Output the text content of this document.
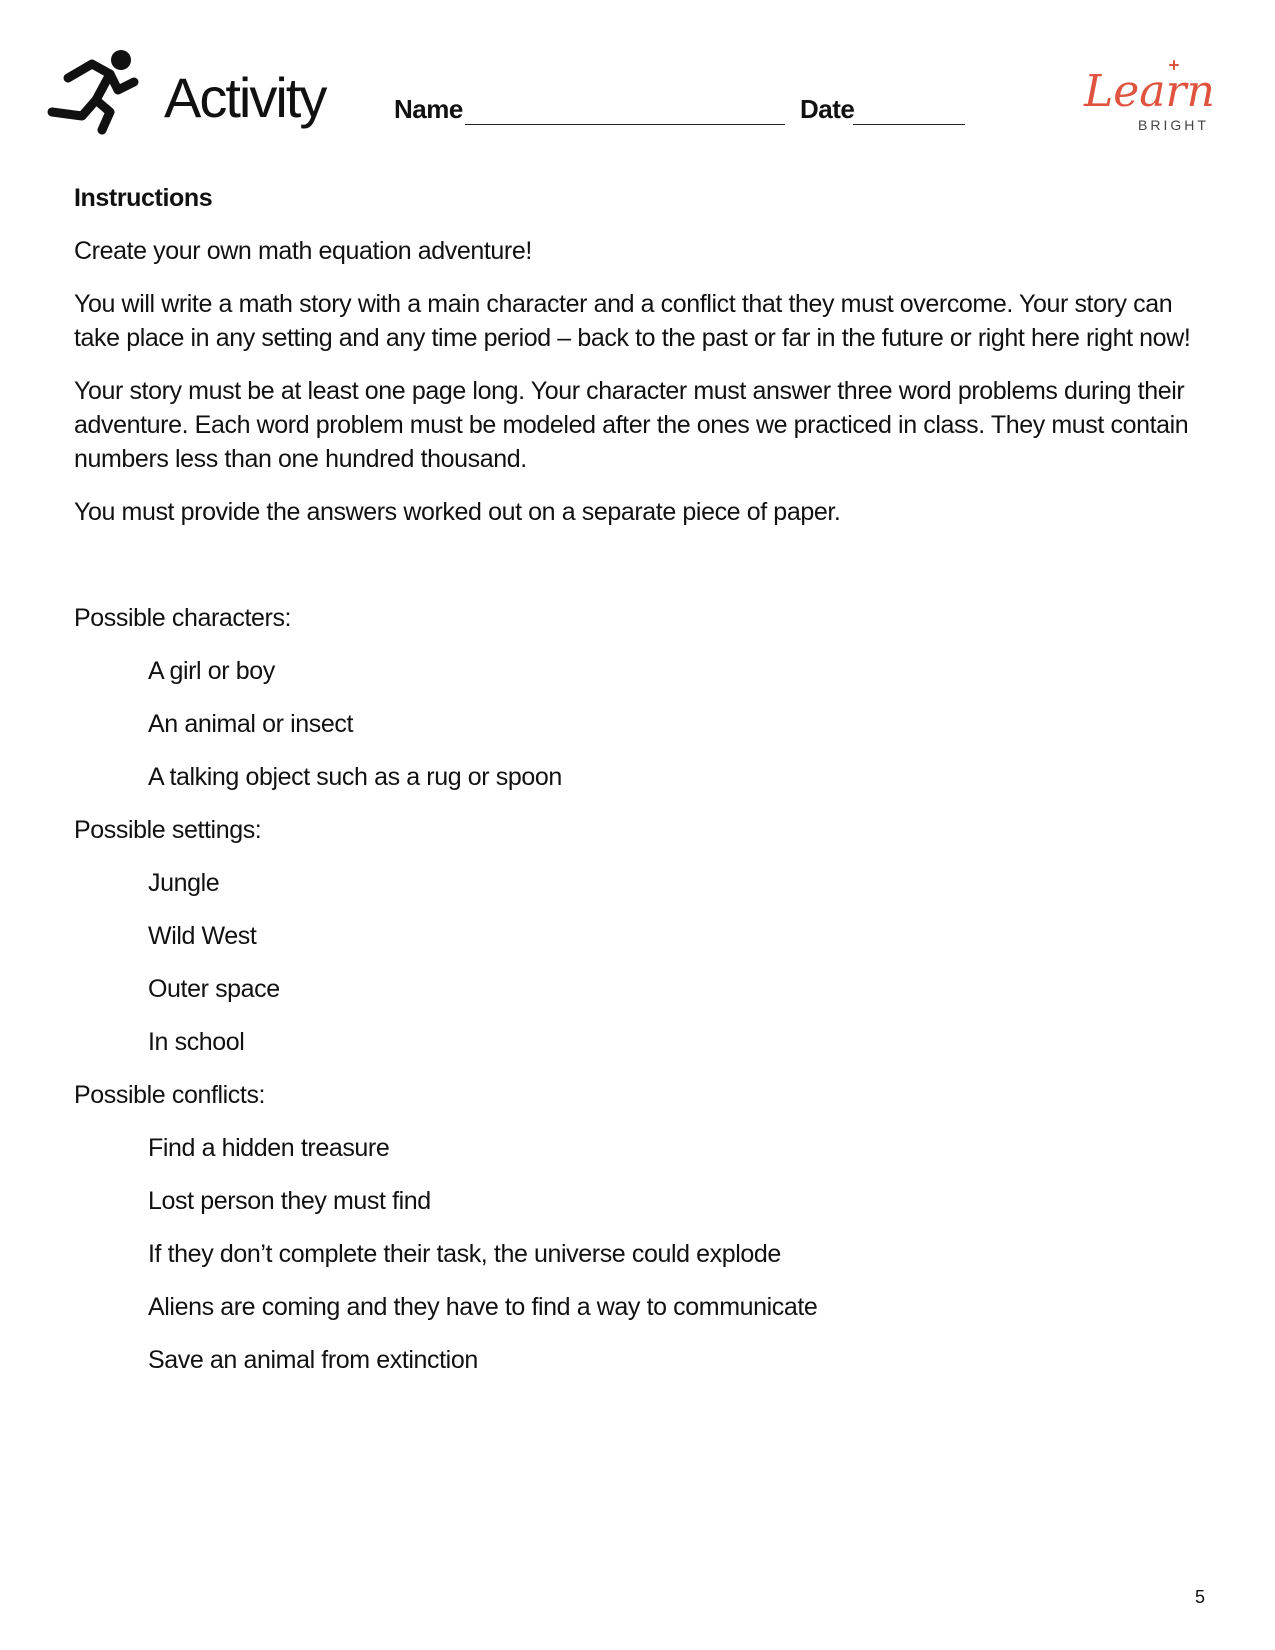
Activity	Name	Date	Learn
BRIGHT
Instructions
Create your own math equation adventure!
You will write a math story with a main character and a conflict that they must overcome. Your story can take place in any setting and any time period – back to the past or far in the future or right here right now!
Your story must be at least one page long. Your character must answer three word problems during their adventure. Each word problem must be modeled after the ones we practiced in class. They must contain numbers less than one hundred thousand.
You must provide the answers worked out on a separate piece of paper.
Possible characters:
A girl or boy
An animal or insect
A talking object such as a rug or spoon
Possible settings:
Jungle
Wild West
Outer space
In school
Possible conflicts:
Find a hidden treasure
Lost person they must find
If they don’t complete their task, the universe could explode
Aliens are coming and they have to find a way to communicate
Save an animal from extinction
5
